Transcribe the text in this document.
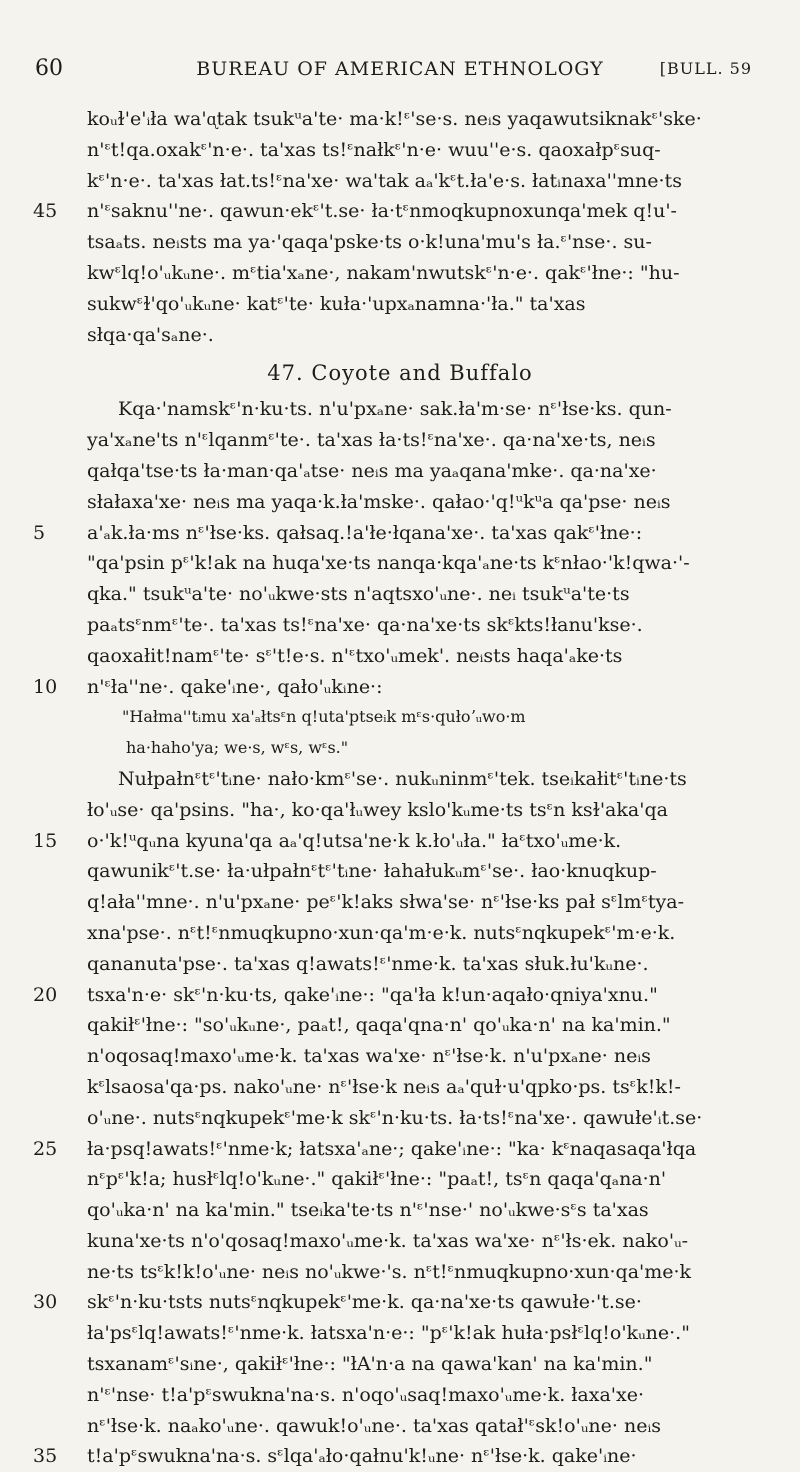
60	BUREAU OF AMERICAN ETHNOLOGY	[BULL. 59
koᵤɫ'e'ᵢła wa'ᶐtak tsukᵘa'te· ma·k!ᵋ'se·s. neᵢs yaqawutsiknakᵋ'ske·
n'ᵋt!qa.oxakᵋ'n·e·. ta'xas ts!ᵋnałkᵋ'n·e· wuu''e·s. qaoxałpᵋsuq-
kᵋ'n·e·. ta'xas łat.ts!ᵋna'xe· wa'tak aₐ'kᵋt.ła'e·s. łatᵢnaxa''mne·ts
45	n'ᵋsaknu''ne·. qawun·ekᵋ't.se· ła·tᵋnmoqkupnoxunqa'mek q!u'-
tsaₐts. neᵢsts ma ya·'qaqa'pske·ts o·k!una'mu's ła.ᵋ'nse·. su-
kwᵋlq!o'ᵤkᵤne·. mᵋtia'xₐne·, nakam'nwutskᵋ'n·e·. qakᵋ'łne·: "hu-
sukwᵋɫ'qo'ᵤkᵤne· katᵋ'te· kuła·'upxₐnamna·'ła." ta'xas
słqa·qa'sₐne·.
47. Coyote and Buffalo
Kqa·'namskᵋ'n·ku·ts. n'u'pxₐne· sak.ła'm·se· nᵋ'łse·ks. qun-
ya'xₐne'ts n'ᵋlqanmᵋ'te·. ta'xas ła·ts!ᵋna'xe·. qa·na'xe·ts, neᵢs
qałqa'tse·ts ła·man·qa'ₐtse· neᵢs ma yaₐqana'mke·. qa·na'xe·
słałaxa'xe· neᵢs ma yaqa·k.ła'mske·. qałao·'q!ᵘkᵘa qa'pse· neᵢs
5	a'ₐk.ła·ms nᵋ'łse·ks. qałsaq.!a'łe·łqana'xe·. ta'xas qakᵋ'łne·:
"qa'psin pᵋ'k!ak na huqa'xe·ts nanqa·kqa'ₐne·ts kᵋnłao·'k!qwa·'-
qka." tsukᵘa'te· no'ᵤkwe·sts n'aqtsxo'ᵤne·. neᵢ tsukᵘa'te·ts
paₐtsᵋnmᵋ'te·. ta'xas ts!ᵋna'xe· qa·na'xe·ts skᵋkts!łanu'kse·.
qaoxałit!namᵋ'te· sᵋ't!e·s. n'ᵋtxo'ᵤmek'. neᵢsts haqa'ₐke·ts
10	n'ᵋła''ne·. qake'ᵢne·, qało'ᵤkᵢne·:
"Hałma''tᵢmu xa'ₐłtsᵋn q!uta'ptseᵢk mᵋs·qułoʼᵤwo·m
ha·haho'ya; we·s, wᵋs, wᵋs."
Nułpałnᵋtᵋ'tᵢne· nało·kmᵋ'se·. nukᵤninmᵋ'tek. tseᵢkałitᵋ'tᵢne·ts
ło'ᵤse· qa'psins. "ha·, ko·qa'łᵤwey kslo'kᵤme·ts tsᵋn ksɫ'aka'qa
15	o·'k!ᵘqᵤna kyuna'qa aₐ'q!utsa'ne·k k.ło'ᵤła." łaᵋtxo'ᵤme·k.
qawunikᵋ't.se· ła·ułpałnᵋtᵋ'tᵢne· łahałukᵤmᵋ'se·. łao·knuqkup-
q!ała''mne·. n'u'pxₐne· peᵋ'k!aks słwa'se· nᵋ'łse·ks pał sᵋlmᵋtya-
xna'pse·. nᵋt!ᵋnmuqkupno·xun·qa'm·e·k. nutsᵋnqkupekᵋ'm·e·k.
qananuta'pse·. ta'xas q!awats!ᵋ'nme·k. ta'xas słuk.łu'kᵤne·.
20	tsxa'n·e· skᵋ'n·ku·ts, qake'ᵢne·: "qa'ła k!un·aqało·qniya'xnu."
qakiłᵋ'łne·: "so'ᵤkᵤne·, paₐt!, qaqa'qna·n' qo'ᵤka·n' na ka'min."
n'oqosaq!maxo'ᵤme·k. ta'xas wa'xe· nᵋ'łse·k. n'u'pxₐne· neᵢs
kᵋlsaosa'qa·ps. nako'ᵤne· nᵋ'łse·k neᵢs aₐ'quɫ·u'qpko·ps. tsᵋk!k!-
o'ᵤne·. nutsᵋnqkupekᵋ'me·k skᵋ'n·ku·ts. ła·ts!ᵋna'xe·. qawułe'ᵢt.se·
25	ła·psq!awats!ᵋ'nme·k; łatsxa'ₐne·; qake'ᵢne·: "ka· kᵋnaqasaqa'łqa
nᵋpᵋ'k!a; husłᵋlq!o'kᵤne·." qakiłᵋ'łne·: "paₐt!, tsᵋn qaqa'qₐna·n'
qo'ᵤka·n' na ka'min." tseᵢka'te·ts n'ᵋ'nse·' no'ᵤkwe·sᵋs ta'xas
kuna'xe·ts n'o'qosaq!maxo'ᵤme·k. ta'xas wa'xe· nᵋ'łs·ek. nako'ᵤ-
ne·ts tsᵋk!k!o'ᵤne· neᵢs no'ᵤkwe·'s. nᵋt!ᵋnmuqkupno·xun·qa'me·k
30	skᵋ'n·ku·tsts nutsᵋnqkupekᵋ'me·k. qa·na'xe·ts qawułe·'t.se·
ła'psᵋlq!awats!ᵋ'nme·k. łatsxa'n·e·: "pᵋ'k!ak huła·psłᵋlq!o'kᵤne·."
tsxanamᵋ'sᵢne·, qakiłᵋ'łne·: "łA'n·a na qawa'kan' na ka'min."
n'ᵋ'nse· t!a'pᵋswukna'na·s. n'oqo'ᵤsaq!maxo'ᵤme·k. łaxa'xe·
nᵋ'łse·k. naₐko'ᵤne·. qawuk!o'ᵤne·. ta'xas qatał'ᵋsk!o'ᵤne· neᵢs
35	t!a'pᵋswukna'na·s. sᵋlqa'ₐło·qałnu'k!ᵤne· nᵋ'łse·k. qake'ᵢne·
